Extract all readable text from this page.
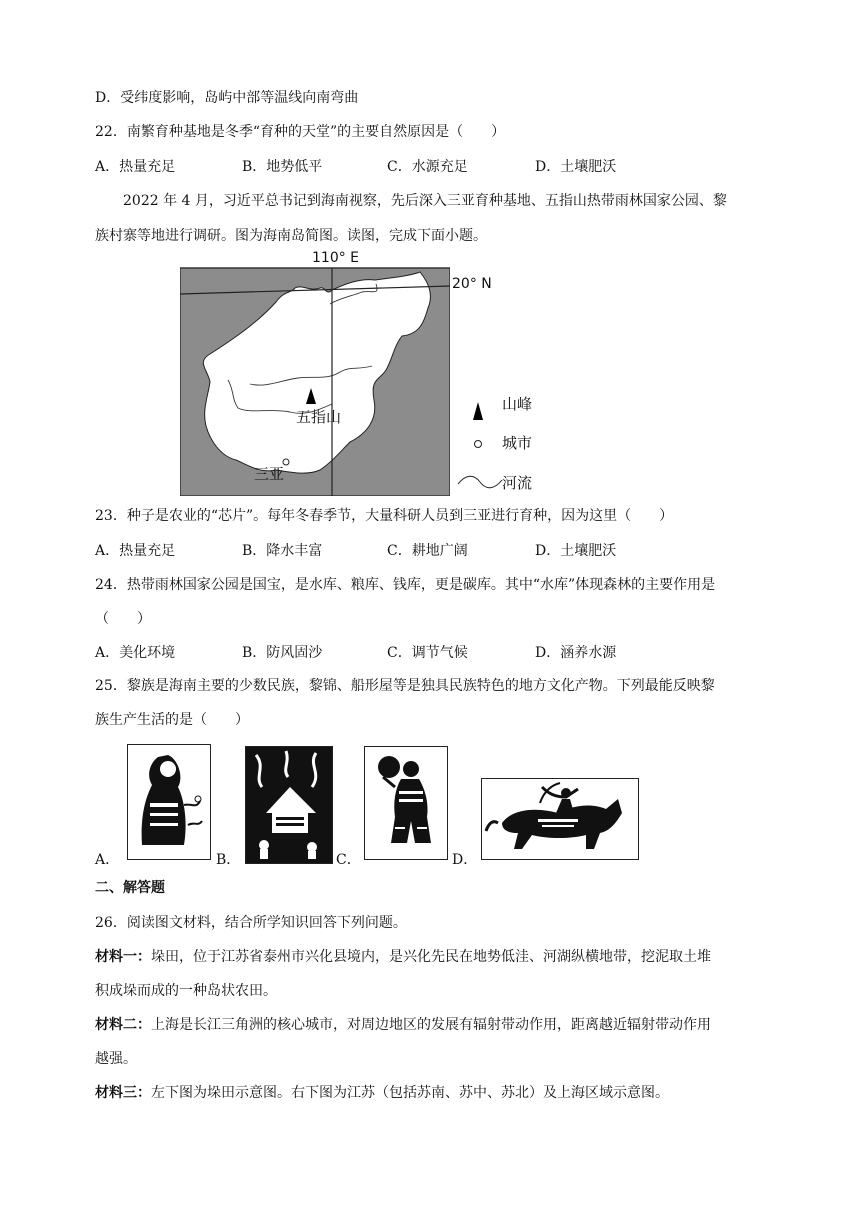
D．受纬度影响，岛屿中部等温线向南弯曲
22．南繁育种基地是冬季“育种的天堂”的主要自然原因是（　　）
A．热量充足	B．地势低平	C．水源充足	D．土壤肥沃
2022 年 4 月，习近平总书记到海南视察，先后深入三亚育种基地、五指山热带雨林国家公园、黎
族村寨等地进行调研。图为海南岛简图。读图，完成下面小题。
五指山
三亚
110° E
20° N
山峰
城市
河流
23．种子是农业的“芯片”。每年冬春季节，大量科研人员到三亚进行育种，因为这里（　　）
A．热量充足	B．降水丰富	C．耕地广阔	D．土壤肥沃
24．热带雨林国家公园是国宝，是水库、粮库、钱库，更是碳库。其中“水库”体现森林的主要作用是
（　　）
A．美化环境	B．防风固沙	C．调节气候	D．涵养水源
25．黎族是海南主要的少数民族，黎锦、船形屋等是独具民族特色的地方文化产物。下列最能反映黎
族生产生活的是（　　）
A．	B．	C．	D．
二、解答题
26．阅读图文材料，结合所学知识回答下列问题。
材料一：垛田，位于江苏省泰州市兴化县境内，是兴化先民在地势低洼、河湖纵横地带，挖泥取土堆
积成垛而成的一种岛状农田。
材料二：上海是长江三角洲的核心城市，对周边地区的发展有辐射带动作用，距离越近辐射带动作用
越强。
材料三：左下图为垛田示意图。右下图为江苏（包括苏南、苏中、苏北）及上海区域示意图。
